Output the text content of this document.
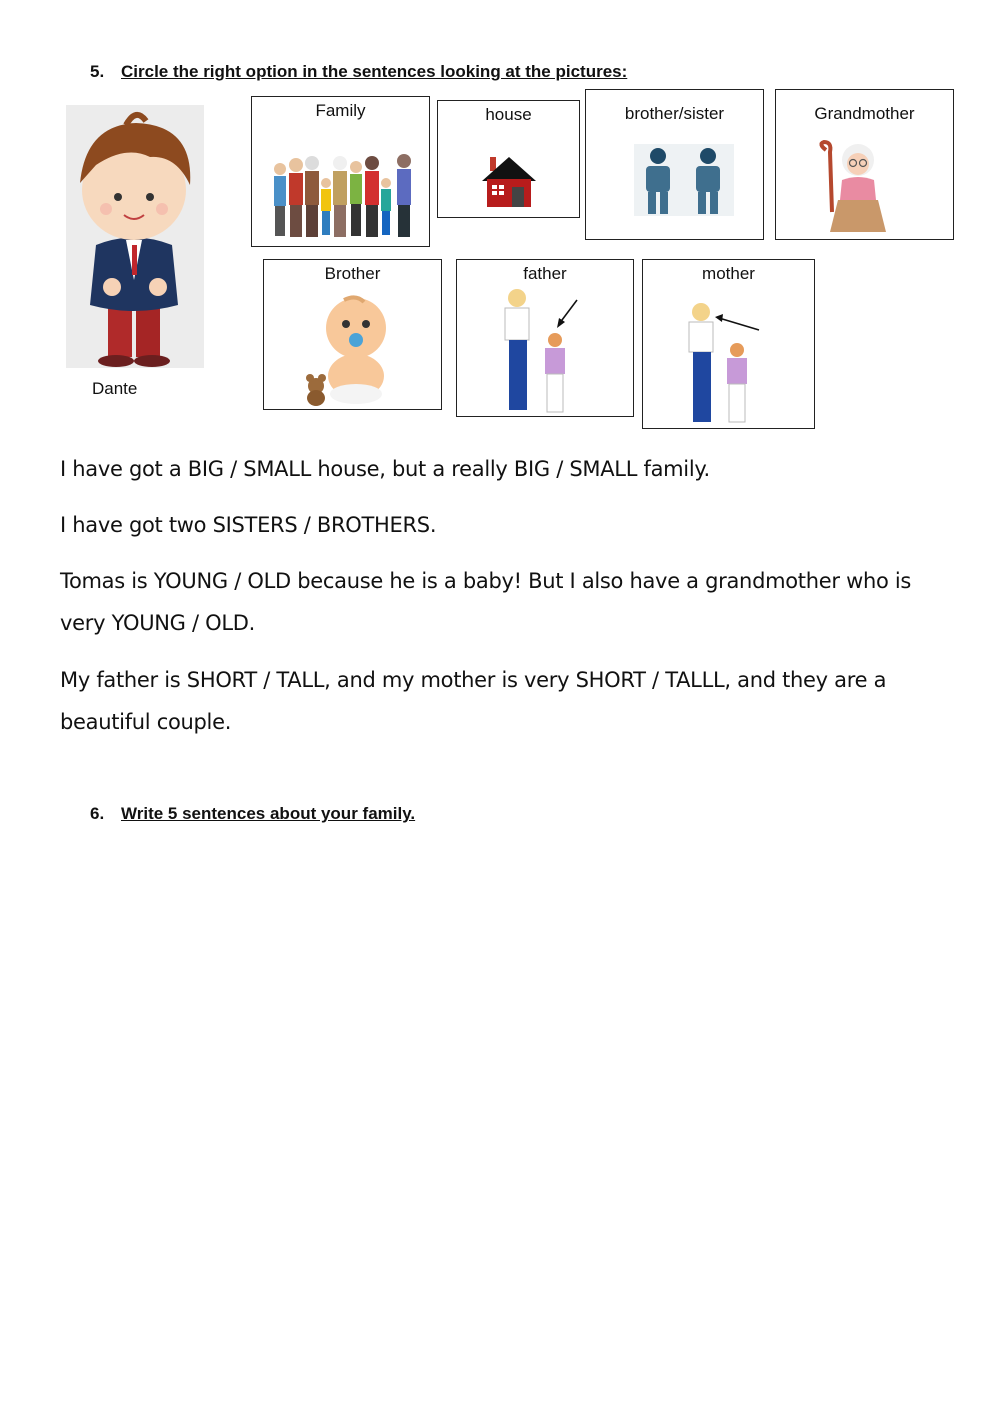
5. Circle the right option in the sentences looking at the pictures:
Dante
Family	house	brother/sister	Grandmother
Brother	father	mother
I have got a BIG / SMALL house, but a really BIG / SMALL family.
I have got two SISTERS / BROTHERS.
Tomas is YOUNG / OLD because he is a baby! But I also have a grandmother who is very YOUNG / OLD.
My father is SHORT / TALL, and my mother is very SHORT / TALLL, and they are a beautiful couple.
6. Write 5 sentences about your family.
